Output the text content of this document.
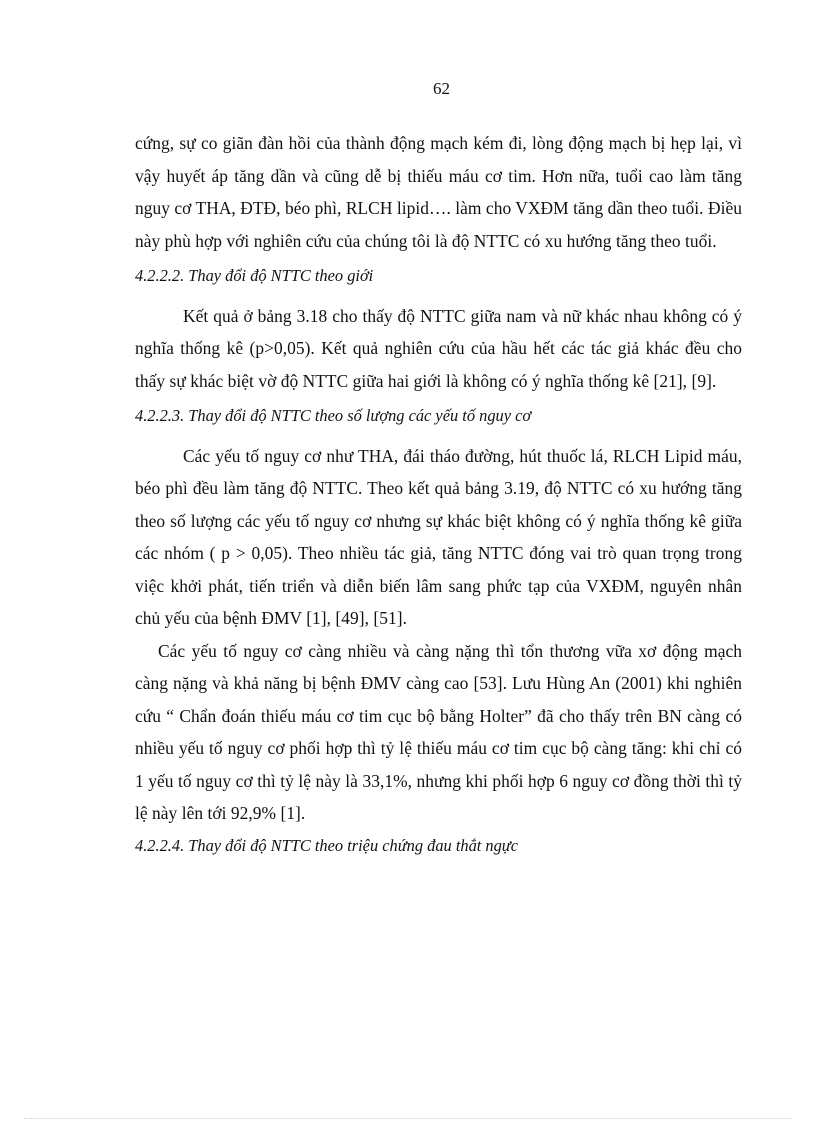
62

cứng, sự co giãn đàn hồi của thành động mạch kém đi, lòng động mạch bị hẹp lại, vì vậy huyết áp tăng dần và cũng dễ bị thiếu máu cơ tim. Hơn nữa, tuổi cao làm tăng nguy cơ THA, ĐTĐ, béo phì, RLCH lipid…. làm cho VXĐM tăng dần theo tuổi. Điều này phù hợp với nghiên cứu của chúng tôi là độ NTTC có xu hướng tăng theo tuổi.

4.2.2.2. Thay đổi độ NTTC theo giới

Kết quả ở bảng 3.18 cho thấy độ NTTC giữa nam và nữ khác nhau không có ý nghĩa thống kê (p>0,05). Kết quả nghiên cứu của hầu hết các tác giả khác đều cho thấy sự khác biệt vờ độ NTTC giữa hai giới là không có ý nghĩa thống kê [21], [9].

4.2.2.3. Thay đổi độ NTTC theo số lượng các yếu tố nguy cơ

Các yếu tố nguy cơ như THA, đái tháo đường, hút thuốc lá, RLCH Lipid máu, béo phì đều làm tăng độ NTTC. Theo kết quả bảng 3.19, độ NTTC có xu hướng tăng theo số lượng các yếu tố nguy cơ nhưng sự khác biệt không có ý nghĩa thống kê giữa các nhóm ( p > 0,05). Theo nhiều tác giả, tăng NTTC đóng vai trò quan trọng trong việc khởi phát, tiến triển và diễn biến lâm sang phức tạp của VXĐM, nguyên nhân chủ yếu của bệnh ĐMV [1], [49], [51].

Các yếu tố nguy cơ càng nhiều và càng nặng thì tổn thương vữa xơ động mạch càng nặng và khả năng bị bệnh ĐMV càng cao [53]. Lưu Hùng An (2001) khi nghiên cứu “ Chẩn đoán thiếu máu cơ tim cục bộ bằng Holter” đã cho thấy trên BN càng có nhiều yếu tố nguy cơ phối hợp thì tỷ lệ thiếu máu cơ tim cục bộ càng tăng: khi chỉ có 1 yếu tố nguy cơ thì tỷ lệ này là 33,1%, nhưng khi phối hợp 6 nguy cơ đồng thời thì tỷ lệ này lên tới 92,9% [1].

4.2.2.4. Thay đổi độ NTTC theo triệu chứng đau thắt ngực
